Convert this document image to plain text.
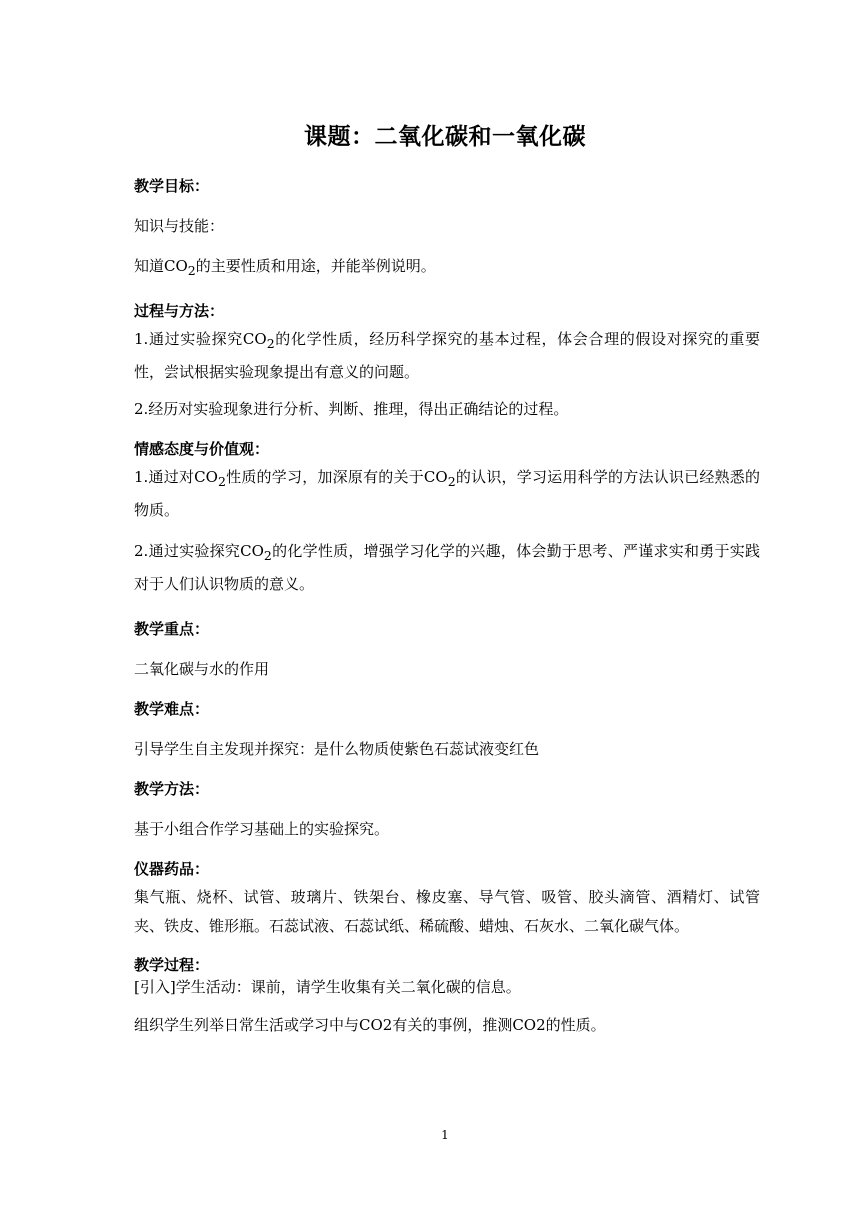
课题：二氧化碳和一氧化碳
教学目标：
知识与技能：
知道$CO_2$的主要性质和用途，并能举例说明。
过程与方法：
1.通过实验探究$CO_2$的化学性质，经历科学探究的基本过程，体会合理的假设对探究的重要性，尝试根据实验现象提出有意义的问题。
2.经历对实验现象进行分析、判断、推理，得出正确结论的过程。
情感态度与价值观：
1.通过对$CO_2$性质的学习，加深原有的关于$CO_2$的认识，学习运用科学的方法认识已经熟悉的物质。
2.通过实验探究$CO_2$的化学性质，增强学习化学的兴趣，体会勤于思考、严谨求实和勇于实践对于人们认识物质的意义。
教学重点：
二氧化碳与水的作用
教学难点：
引导学生自主发现并探究：是什么物质使紫色石蕊试液变红色
教学方法：
基于小组合作学习基础上的实验探究。
仪器药品：
集气瓶、烧杯、试管、玻璃片、铁架台、橡皮塞、导气管、吸管、胶头滴管、酒精灯、试管夹、铁皮、锥形瓶。石蕊试液、石蕊试纸、稀硫酸、蜡烛、石灰水、二氧化碳气体。
教学过程：
[引入]学生活动：课前，请学生收集有关二氧化碳的信息。
组织学生列举日常生活或学习中与CO2有关的事例，推测CO2的性质。
1
